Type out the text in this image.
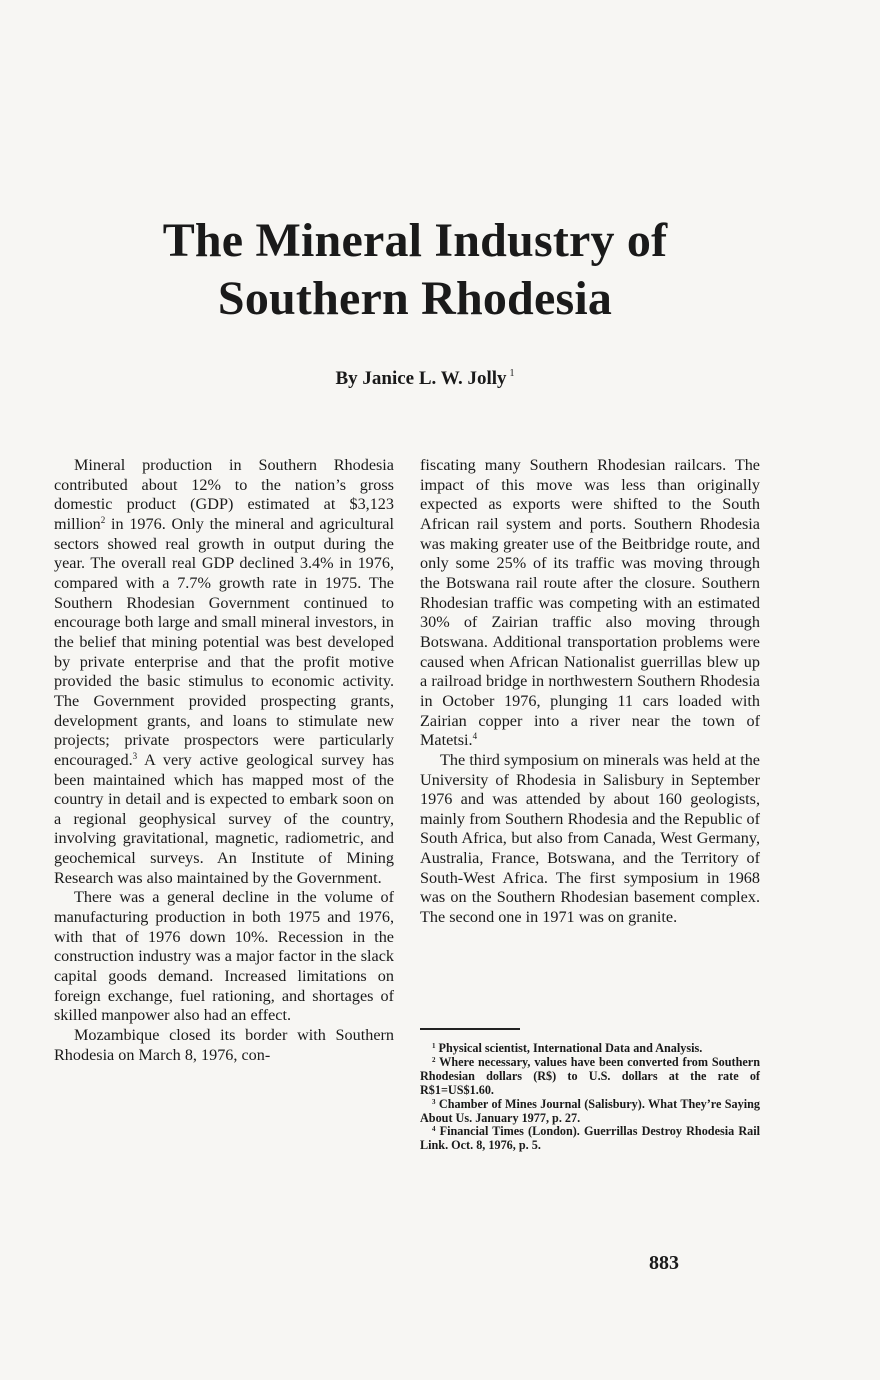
The Mineral Industry of
Southern Rhodesia

By Janice L. W. Jolly $^1$

Mineral production in Southern Rhodesia contributed about 12% to the nation’s gross domestic product (GDP) estimated at $3,123 million$^2$ in 1976. Only the mineral and agricultural sectors showed real growth in output during the year. The overall real GDP declined 3.4% in 1976, compared with a 7.7% growth rate in 1975. The Southern Rhodesian Government continued to encourage both large and small mineral investors, in the belief that mining potential was best developed by private enterprise and that the profit motive provided the basic stimulus to economic activity. The Government provided prospecting grants, development grants, and loans to stimulate new projects; private prospectors were particularly encouraged.$^3$ A very active geological survey has been maintained which has mapped most of the country in detail and is expected to embark soon on a regional geophysical survey of the country, involving gravitational, magnetic, radiometric, and geochemical surveys. An Institute of Mining Research was also maintained by the Government.

There was a general decline in the volume of manufacturing production in both 1975 and 1976, with that of 1976 down 10%. Recession in the construction industry was a major factor in the slack capital goods demand. Increased limitations on foreign exchange, fuel rationing, and shortages of skilled manpower also had an effect.

Mozambique closed its border with Southern Rhodesia on March 8, 1976, con-

fiscating many Southern Rhodesian railcars. The impact of this move was less than originally expected as exports were shifted to the South African rail system and ports. Southern Rhodesia was making greater use of the Beitbridge route, and only some 25% of its traffic was moving through the Botswana rail route after the closure. Southern Rhodesian traffic was competing with an estimated 30% of Zairian traffic also moving through Botswana. Additional transportation problems were caused when African Nationalist guerrillas blew up a railroad bridge in northwestern Southern Rhodesia in October 1976, plunging 11 cars loaded with Zairian copper into a river near the town of Matetsi.$^4$

The third symposium on minerals was held at the University of Rhodesia in Salisbury in September 1976 and was attended by about 160 geologists, mainly from Southern Rhodesia and the Republic of South Africa, but also from Canada, West Germany, Australia, France, Botswana, and the Territory of South-West Africa. The first symposium in 1968 was on the Southern Rhodesian basement complex. The second one in 1971 was on granite.

$^1$ Physical scientist, International Data and Analysis.

$^2$ Where necessary, values have been converted from Southern Rhodesian dollars (R$) to U.S. dollars at the rate of R$1=US$1.60.

$^3$ Chamber of Mines Journal (Salisbury). What They’re Saying About Us. January 1977, p. 27.

$^4$ Financial Times (London). Guerrillas Destroy Rhodesia Rail Link. Oct. 8, 1976, p. 5.

883
